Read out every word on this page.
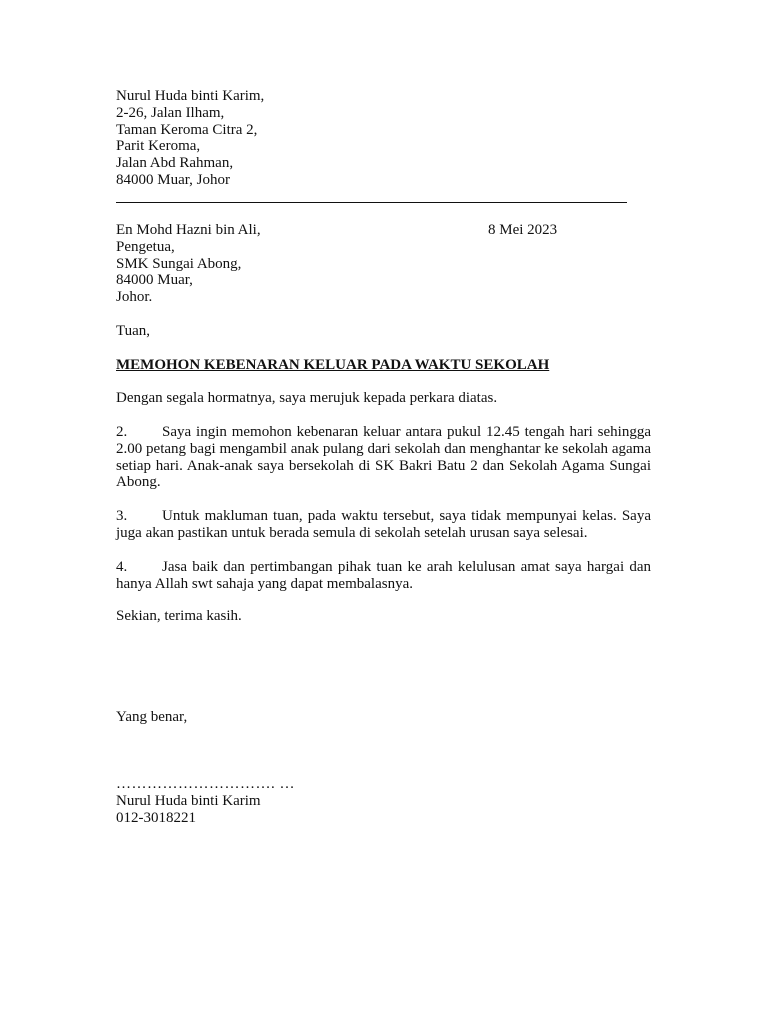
Nurul Huda binti Karim,
2-26, Jalan Ilham,
Taman Keroma Citra 2,
Parit Keroma,
Jalan Abd Rahman,
84000 Muar, Johor
En Mohd Hazni bin Ali,
Pengetua,
SMK Sungai Abong,
84000 Muar,
Johor.
8 Mei 2023
Tuan,
MEMOHON KEBENARAN KELUAR PADA WAKTU SEKOLAH
Dengan segala hormatnya, saya merujuk kepada perkara diatas.
2. Saya ingin memohon kebenaran keluar antara pukul 12.45 tengah hari sehingga 2.00 petang bagi mengambil anak pulang dari sekolah dan menghantar ke sekolah agama setiap hari. Anak-anak saya bersekolah di SK Bakri Batu 2 dan Sekolah Agama Sungai Abong.
3. Untuk makluman tuan, pada waktu tersebut, saya tidak mempunyai kelas. Saya juga akan pastikan untuk berada semula di sekolah setelah urusan saya selesai.
4. Jasa baik dan pertimbangan pihak tuan ke arah kelulusan amat saya hargai dan hanya Allah swt sahaja yang dapat membalasnya.
Sekian, terima kasih.
Yang benar,
…………………………. …
Nurul Huda binti Karim
012-3018221
